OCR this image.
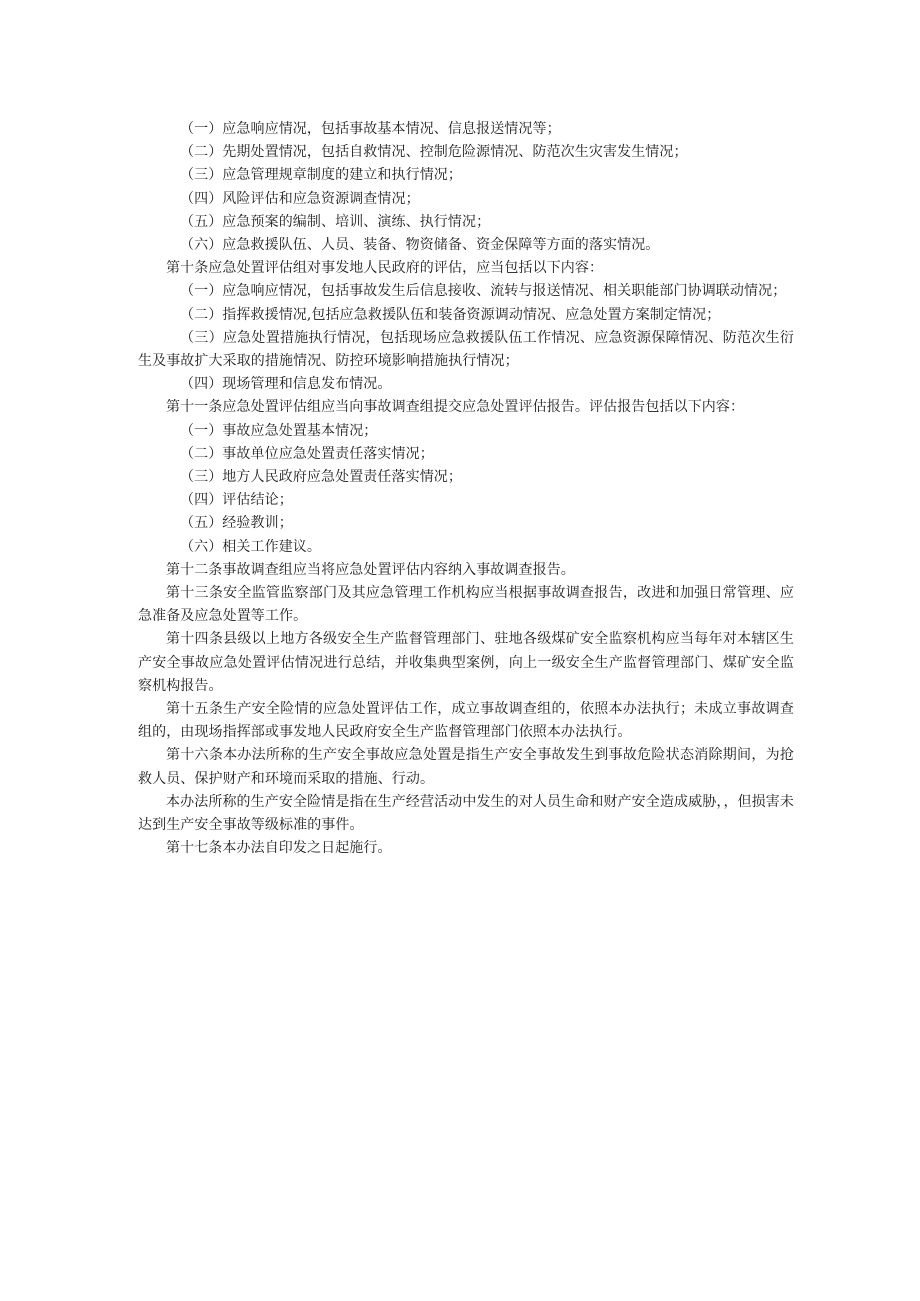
（一）应急响应情况，包括事故基本情况、信息报送情况等；

（二）先期处置情况，包括自救情况、控制危险源情况、防范次生灾害发生情况；

（三）应急管理规章制度的建立和执行情况；

（四）风险评估和应急资源调查情况；

（五）应急预案的编制、培训、演练、执行情况；

（六）应急救援队伍、人员、装备、物资储备、资金保障等方面的落实情况。

第十条应急处置评估组对事发地人民政府的评估，应当包括以下内容：

（一）应急响应情况，包括事故发生后信息接收、流转与报送情况、相关职能部门协调联动情况；

（二）指挥救援情况,包括应急救援队伍和装备资源调动情况、应急处置方案制定情况；

（三）应急处置措施执行情况，包括现场应急救援队伍工作情况、应急资源保障情况、防范次生衍生及事故扩大采取的措施情况、防控环境影响措施执行情况；

（四）现场管理和信息发布情况。

第十一条应急处置评估组应当向事故调查组提交应急处置评估报告。评估报告包括以下内容：

（一）事故应急处置基本情况；

（二）事故单位应急处置责任落实情况；

（三）地方人民政府应急处置责任落实情况；

（四）评估结论；

（五）经验教训；

（六）相关工作建议。

第十二条事故调查组应当将应急处置评估内容纳入事故调查报告。

第十三条安全监管监察部门及其应急管理工作机构应当根据事故调查报告，改进和加强日常管理、应急准备及应急处置等工作。

第十四条县级以上地方各级安全生产监督管理部门、驻地各级煤矿安全监察机构应当每年对本辖区生产安全事故应急处置评估情况进行总结，并收集典型案例，向上一级安全生产监督管理部门、煤矿安全监察机构报告。

第十五条生产安全险情的应急处置评估工作，成立事故调查组的，依照本办法执行；未成立事故调查组的，由现场指挥部或事发地人民政府安全生产监督管理部门依照本办法执行。

第十六条本办法所称的生产安全事故应急处置是指生产安全事故发生到事故危险状态消除期间，为抢救人员、保护财产和环境而采取的措施、行动。

本办法所称的生产安全险情是指在生产经营活动中发生的对人员生命和财产安全造成威胁，，但损害未达到生产安全事故等级标准的事件。

第十七条本办法自印发之日起施行。
